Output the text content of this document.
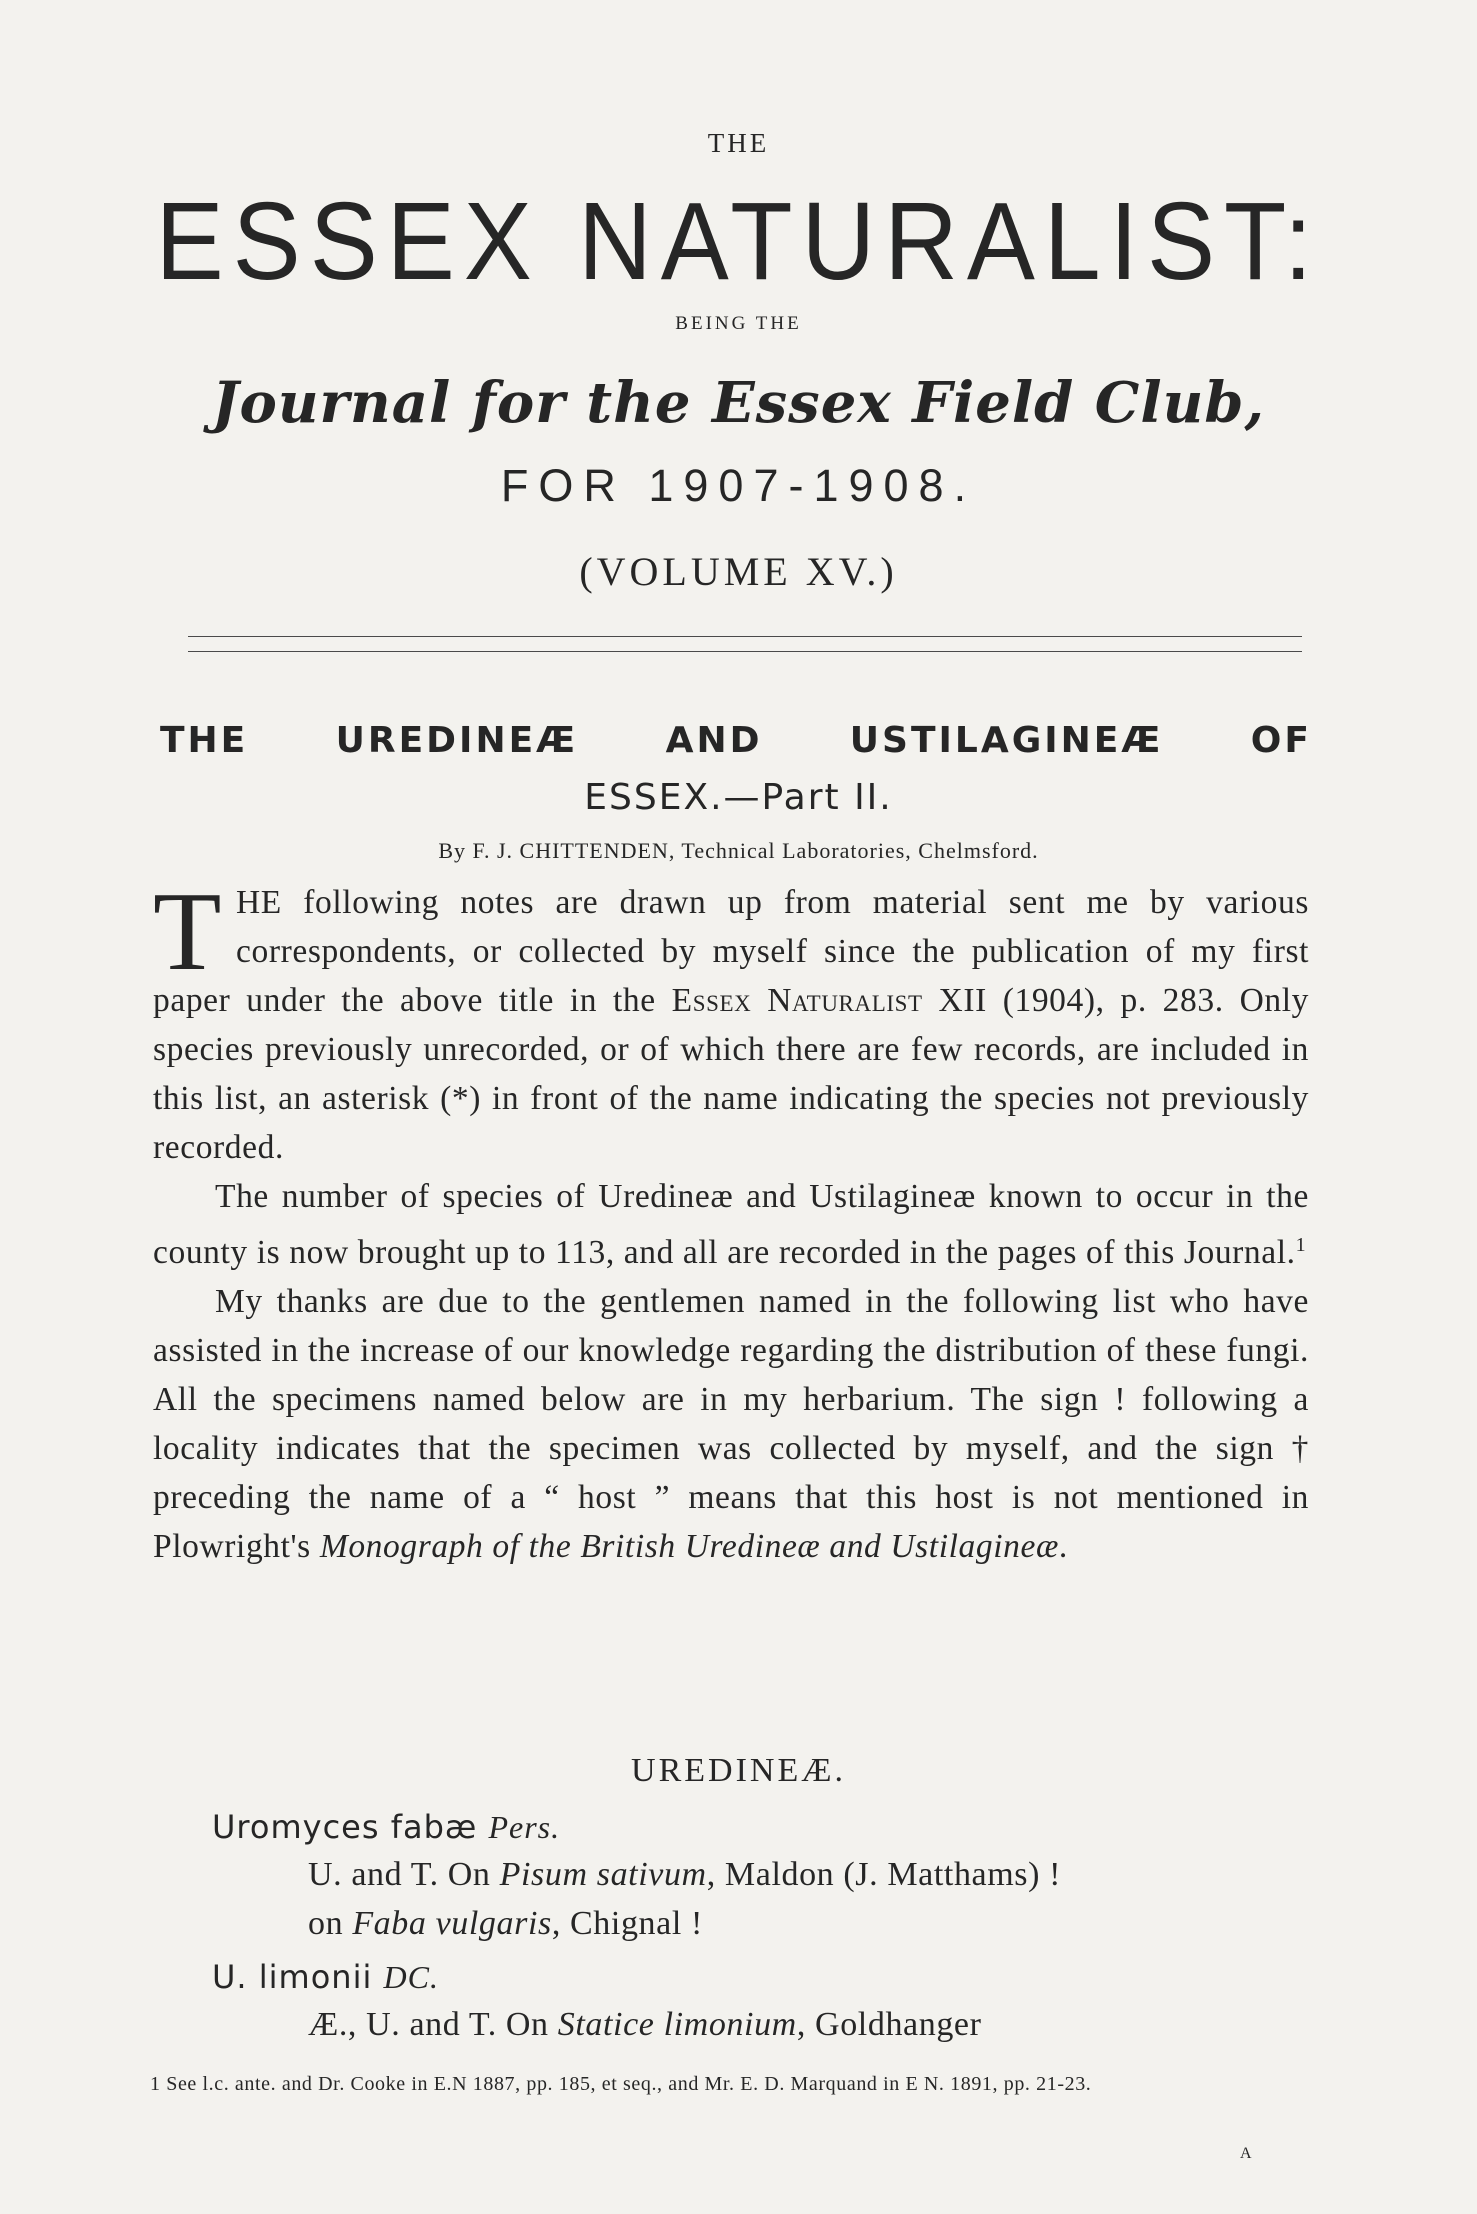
THE
ESSEX NATURALIST:
BEING THE
Journal for the Essex Field Club,
FOR 1907-1908.
(VOLUME XV.)
THE UREDINEÆ AND USTILAGINEÆ OF
ESSEX.—Part II.
By F. J. CHITTENDEN, Technical Laboratories, Chelmsford.

THE following notes are drawn up from material sent me by various correspondents, or collected by myself since the publication of my first paper under the above title in the Essex Naturalist XII (1904), p. 283. Only species previously unrecorded, or of which there are few records, are included in this list, an asterisk (*) in front of the name indicating the species not previously recorded.

The number of species of Uredineæ and Ustilagineæ known to occur in the county is now brought up to 113, and all are recorded in the pages of this Journal.$^1$

My thanks are due to the gentlemen named in the following list who have assisted in the increase of our knowledge regarding the distribution of these fungi. All the specimens named below are in my herbarium. The sign ! following a locality indicates that the specimen was collected by myself, and the sign † preceding the name of a “ host ” means that this host is not mentioned in Plowright's Monograph of the British Uredineæ and Ustilagineæ.

UREDINEÆ.
Uromyces fabæ Pers.
U. and T. On Pisum sativum, Maldon (J. Matthams) !
on Faba vulgaris, Chignal !
U. limonii DC.
Æ., U. and T. On Statice limonium, Goldhanger
1 See l.c. ante. and Dr. Cooke in E.N 1887, pp. 185, et seq., and Mr. E. D. Marquand in E N. 1891, pp. 21-23.
A
